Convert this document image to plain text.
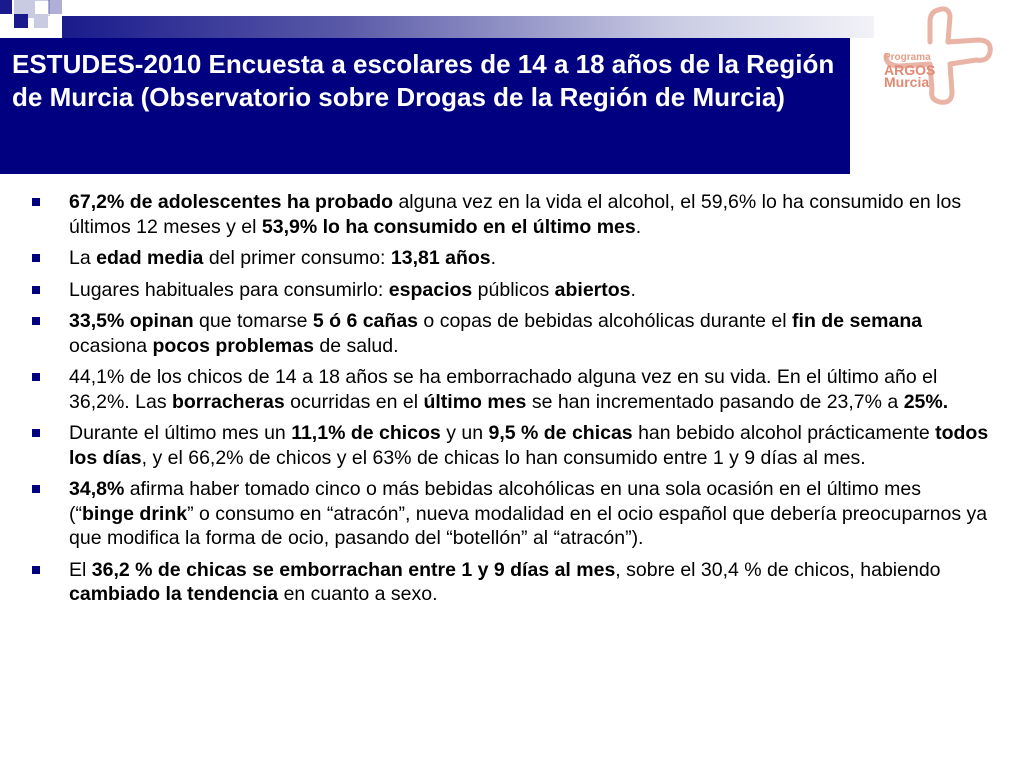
ESTUDES-2010 Encuesta a escolares de 14 a 18 años de la Región de Murcia (Observatorio sobre Drogas de la Región de Murcia)
Programa
ARGOS
Murcia
67,2% de adolescentes ha probado alguna vez en la vida el alcohol, el 59,6% lo ha consumido en los últimos 12 meses y el 53,9% lo ha consumido en el último mes.
La edad media del primer consumo: 13,81 años.
Lugares habituales para consumirlo: espacios públicos abiertos.
33,5% opinan que tomarse 5 ó 6 cañas o copas de bebidas alcohólicas durante el fin de semana ocasiona pocos problemas de salud.
44,1% de los chicos de 14 a 18 años se ha emborrachado alguna vez en su vida. En el último año el 36,2%. Las borracheras ocurridas en el último mes se han incrementado pasando de 23,7% a 25%.
Durante el último mes un 11,1% de chicos y un 9,5 % de chicas han bebido alcohol prácticamente todos los días, y el 66,2% de chicos y el 63% de chicas lo han consumido entre 1 y 9 días al mes.
34,8% afirma haber tomado cinco o más bebidas alcohólicas en una sola ocasión en el último mes (“binge drink” o consumo en “atracón”, nueva modalidad en el ocio español que debería preocuparnos ya que modifica la forma de ocio, pasando del “botellón” al “atracón”).
El 36,2 % de chicas se emborrachan entre 1 y 9 días al mes, sobre el 30,4 % de chicos, habiendo cambiado la tendencia en cuanto a sexo.
